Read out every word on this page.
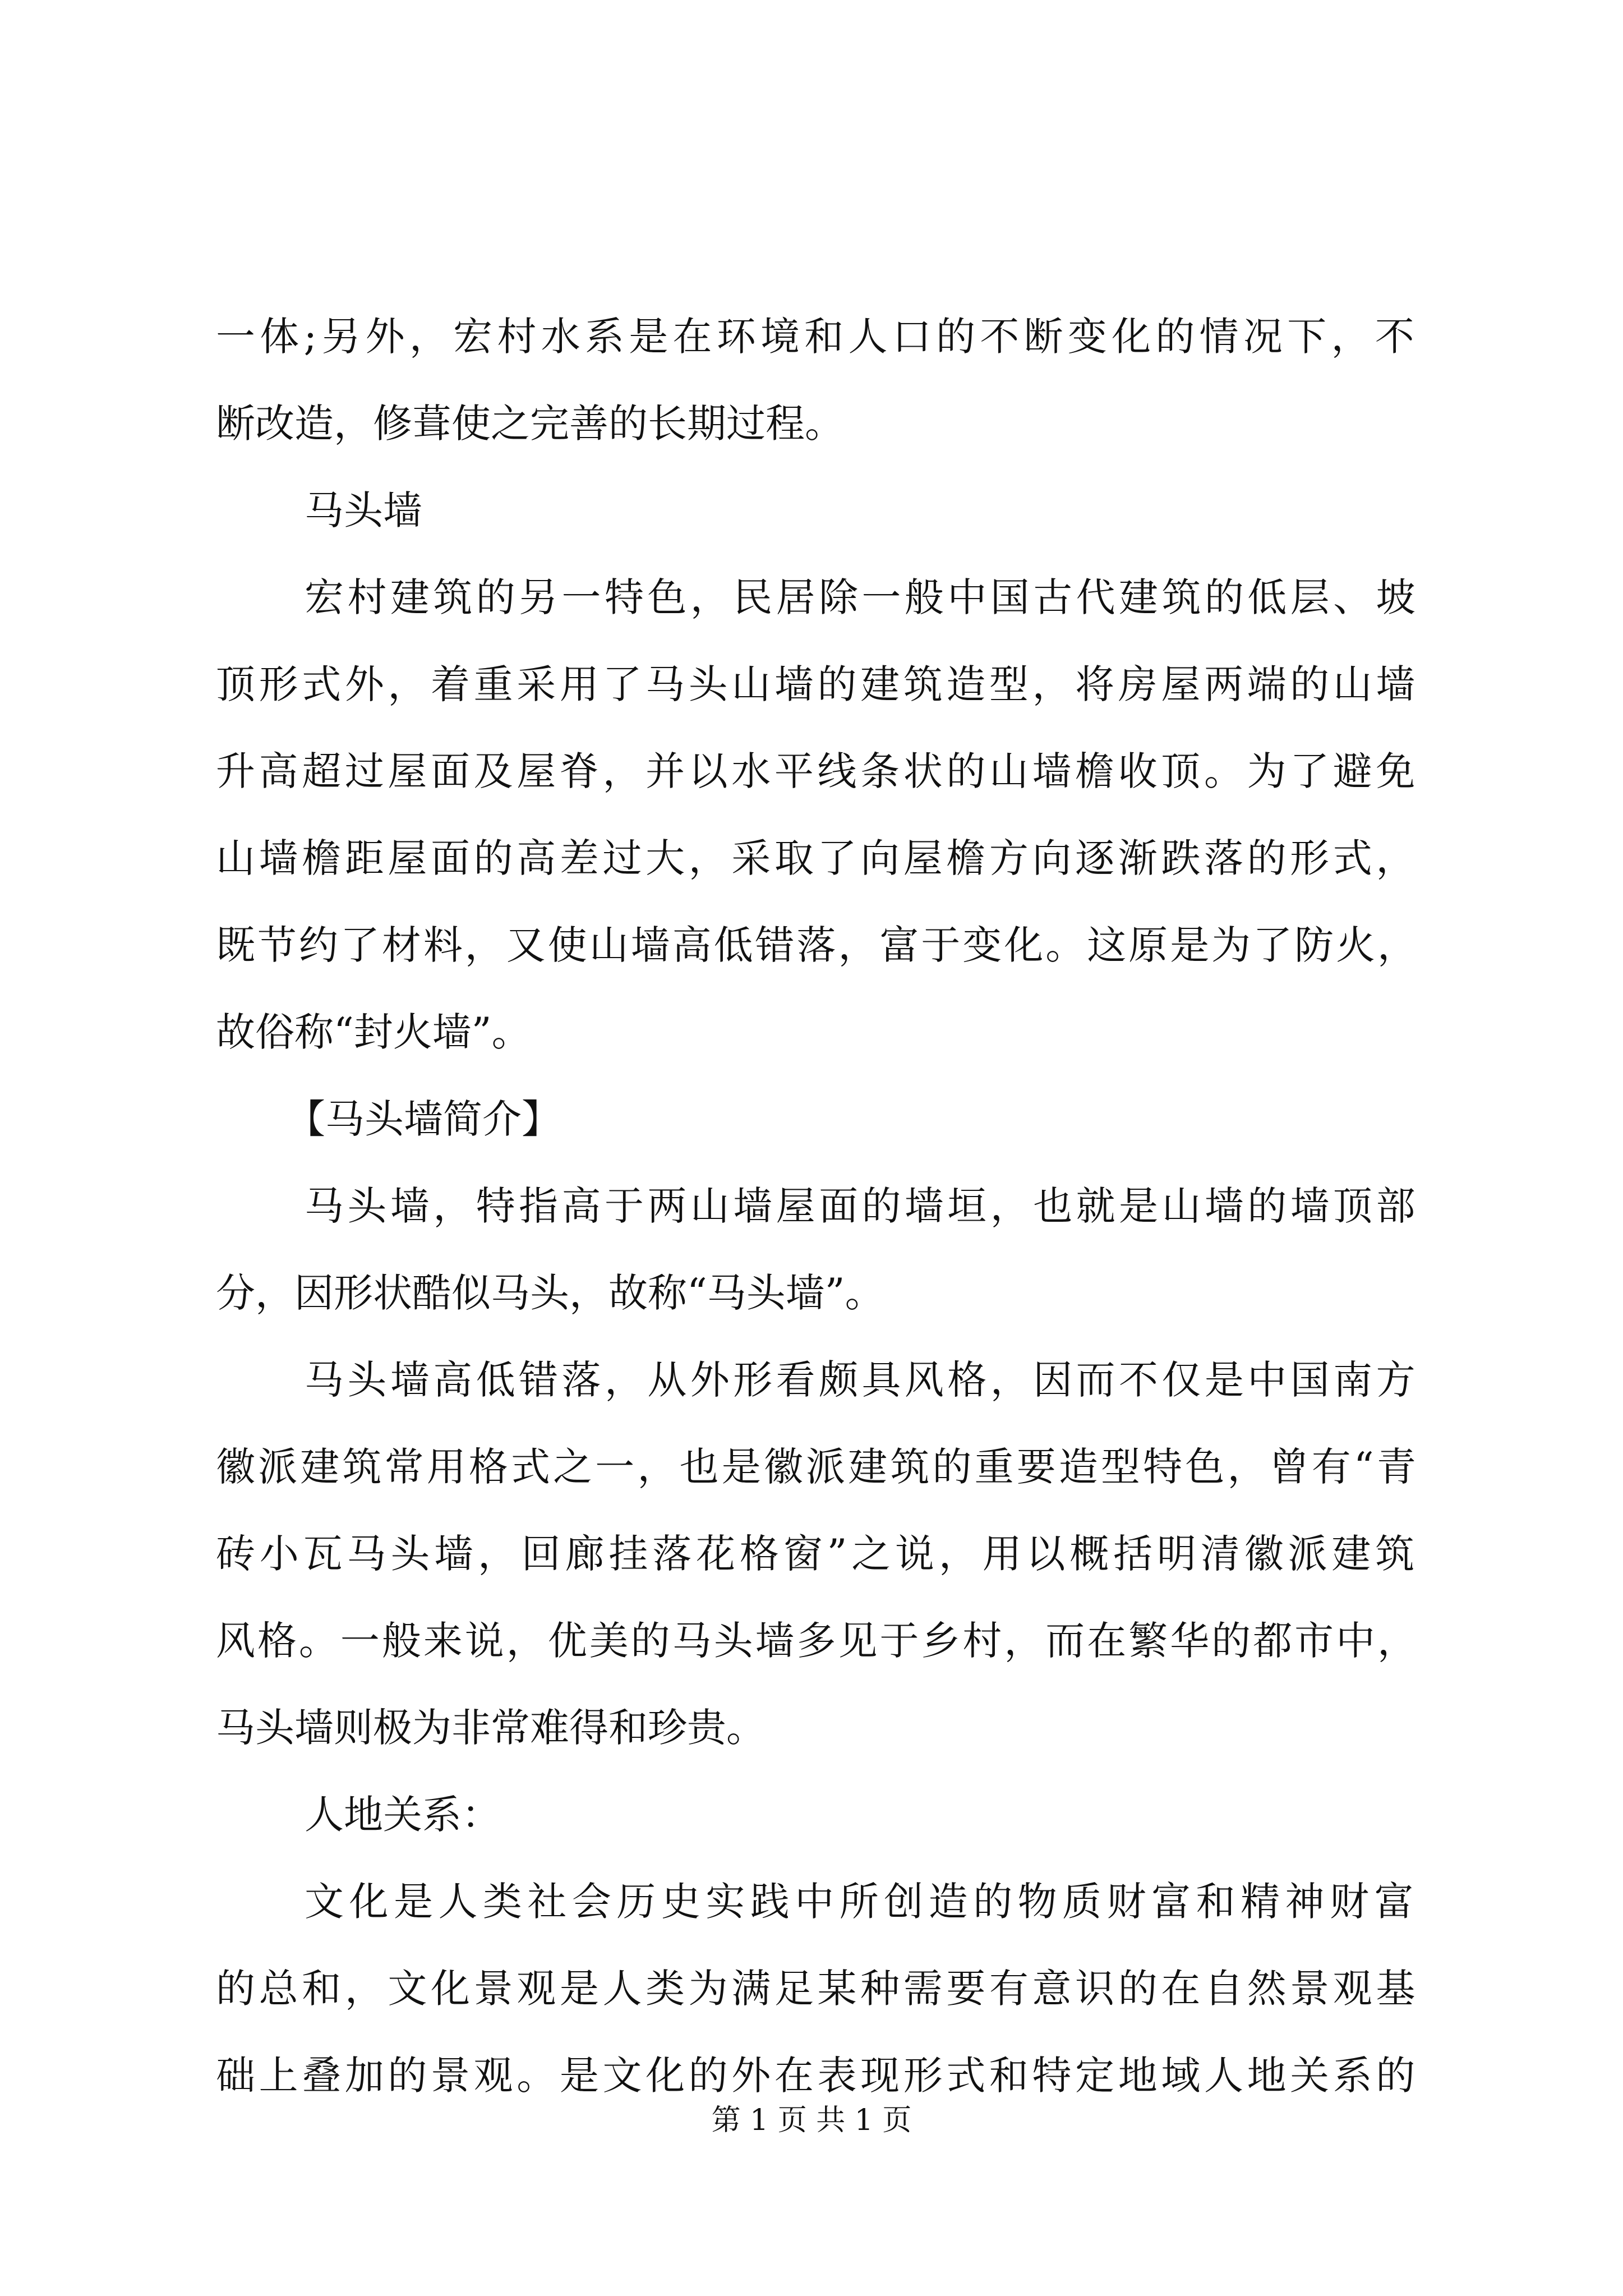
一体;另外，宏村水系是在环境和人口的不断变化的情况下，不
断改造，修葺使之完善的长期过程。
马头墙
宏村建筑的另一特色，民居除一般中国古代建筑的低层、坡
顶形式外，着重采用了马头山墙的建筑造型，将房屋两端的山墙
升高超过屋面及屋脊，并以水平线条状的山墙檐收顶。为了避免
山墙檐距屋面的高差过大，采取了向屋檐方向逐渐跌落的形式，
既节约了材料，又使山墙高低错落，富于变化。这原是为了防火，
故俗称“封火墙”。
【马头墙简介】
马头墙，特指高于两山墙屋面的墙垣，也就是山墙的墙顶部
分，因形状酷似马头，故称“马头墙”。
马头墙高低错落，从外形看颇具风格，因而不仅是中国南方
徽派建筑常用格式之一，也是徽派建筑的重要造型特色，曾有“青
砖小瓦马头墙，回廊挂落花格窗”之说，用以概括明清徽派建筑
风格。一般来说，优美的马头墙多见于乡村，而在繁华的都市中，
马头墙则极为非常难得和珍贵。
人地关系：
文化是人类社会历史实践中所创造的物质财富和精神财富
的总和，文化景观是人类为满足某种需要有意识的在自然景观基
础上叠加的景观。是文化的外在表现形式和特定地域人地关系的
第 1 页 共 1 页
